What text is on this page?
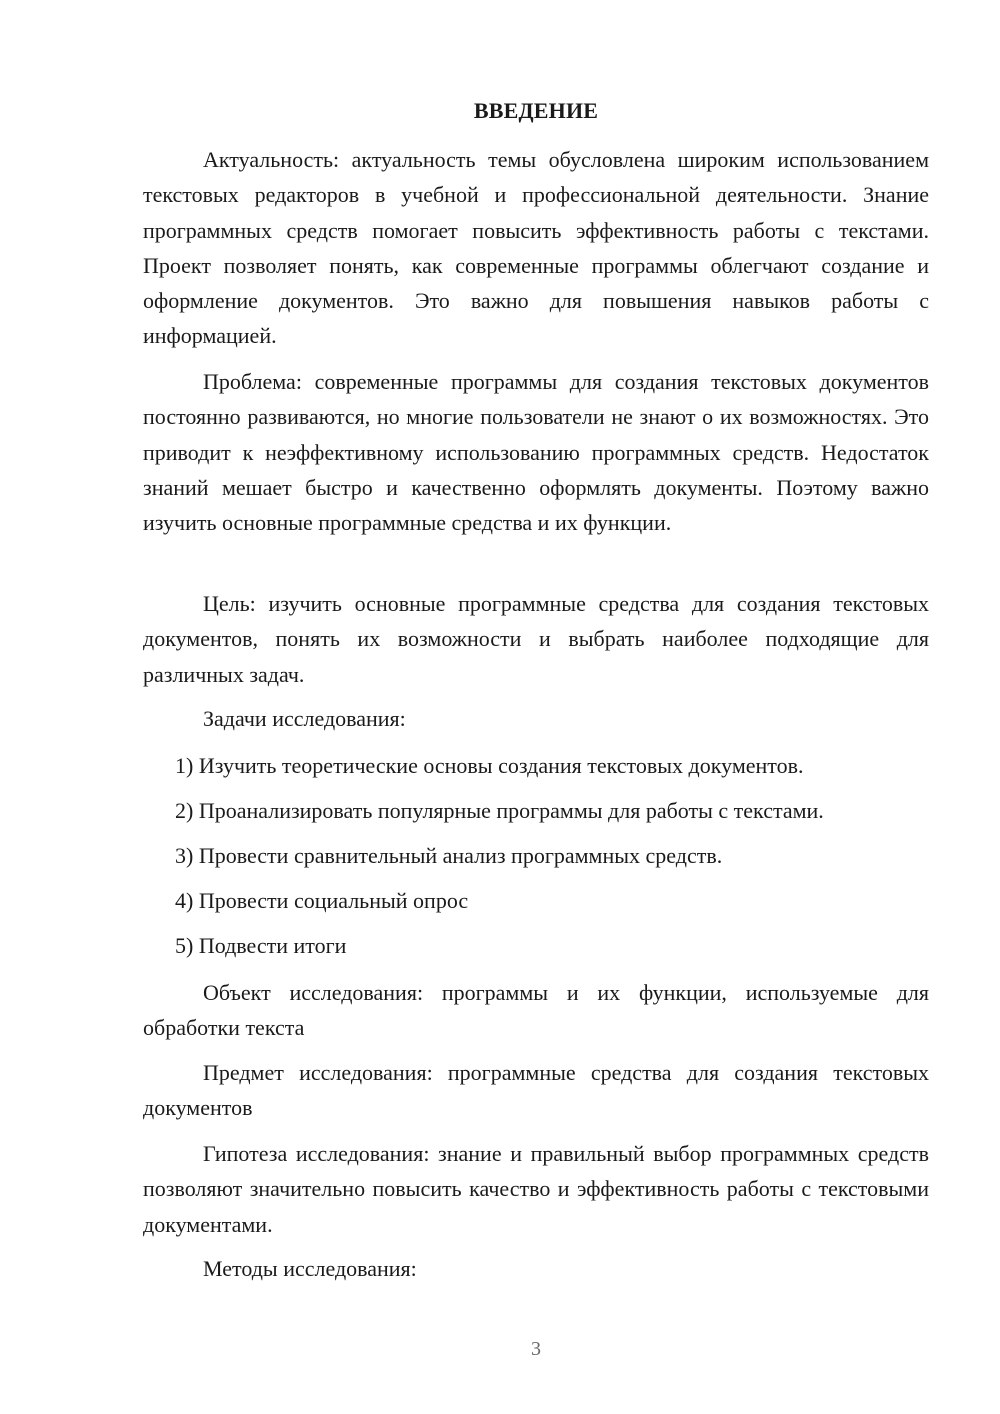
ВВЕДЕНИЕ

Актуальность: актуальность темы обусловлена широким использованием текстовых редакторов в учебной и профессиональной деятельности. Знание программных средств помогает повысить эффективность работы с текстами. Проект позволяет понять, как современные программы облегчают создание и оформление документов. Это важно для повышения навыков работы с информацией.

Проблема: современные программы для создания текстовых документов постоянно развиваются, но многие пользователи не знают о их возможностях. Это приводит к неэффективному использованию программных средств. Недостаток знаний мешает быстро и качественно оформлять документы. Поэтому важно изучить основные программные средства и их функции.

Цель: изучить основные программные средства для создания текстовых документов, понять их возможности и выбрать наиболее подходящие для различных задач.

Задачи исследования:

1) Изучить теоретические основы создания текстовых документов.

2) Проанализировать популярные программы для работы с текстами.

3) Провести сравнительный анализ программных средств.

4) Провести социальный опрос

5) Подвести итоги

Объект исследования: программы и их функции, используемые для обработки текста

Предмет исследования: программные средства для создания текстовых документов

Гипотеза исследования: знание и правильный выбор программных средств позволяют значительно повысить качество и эффективность работы с текстовыми документами.

Методы исследования:

3
